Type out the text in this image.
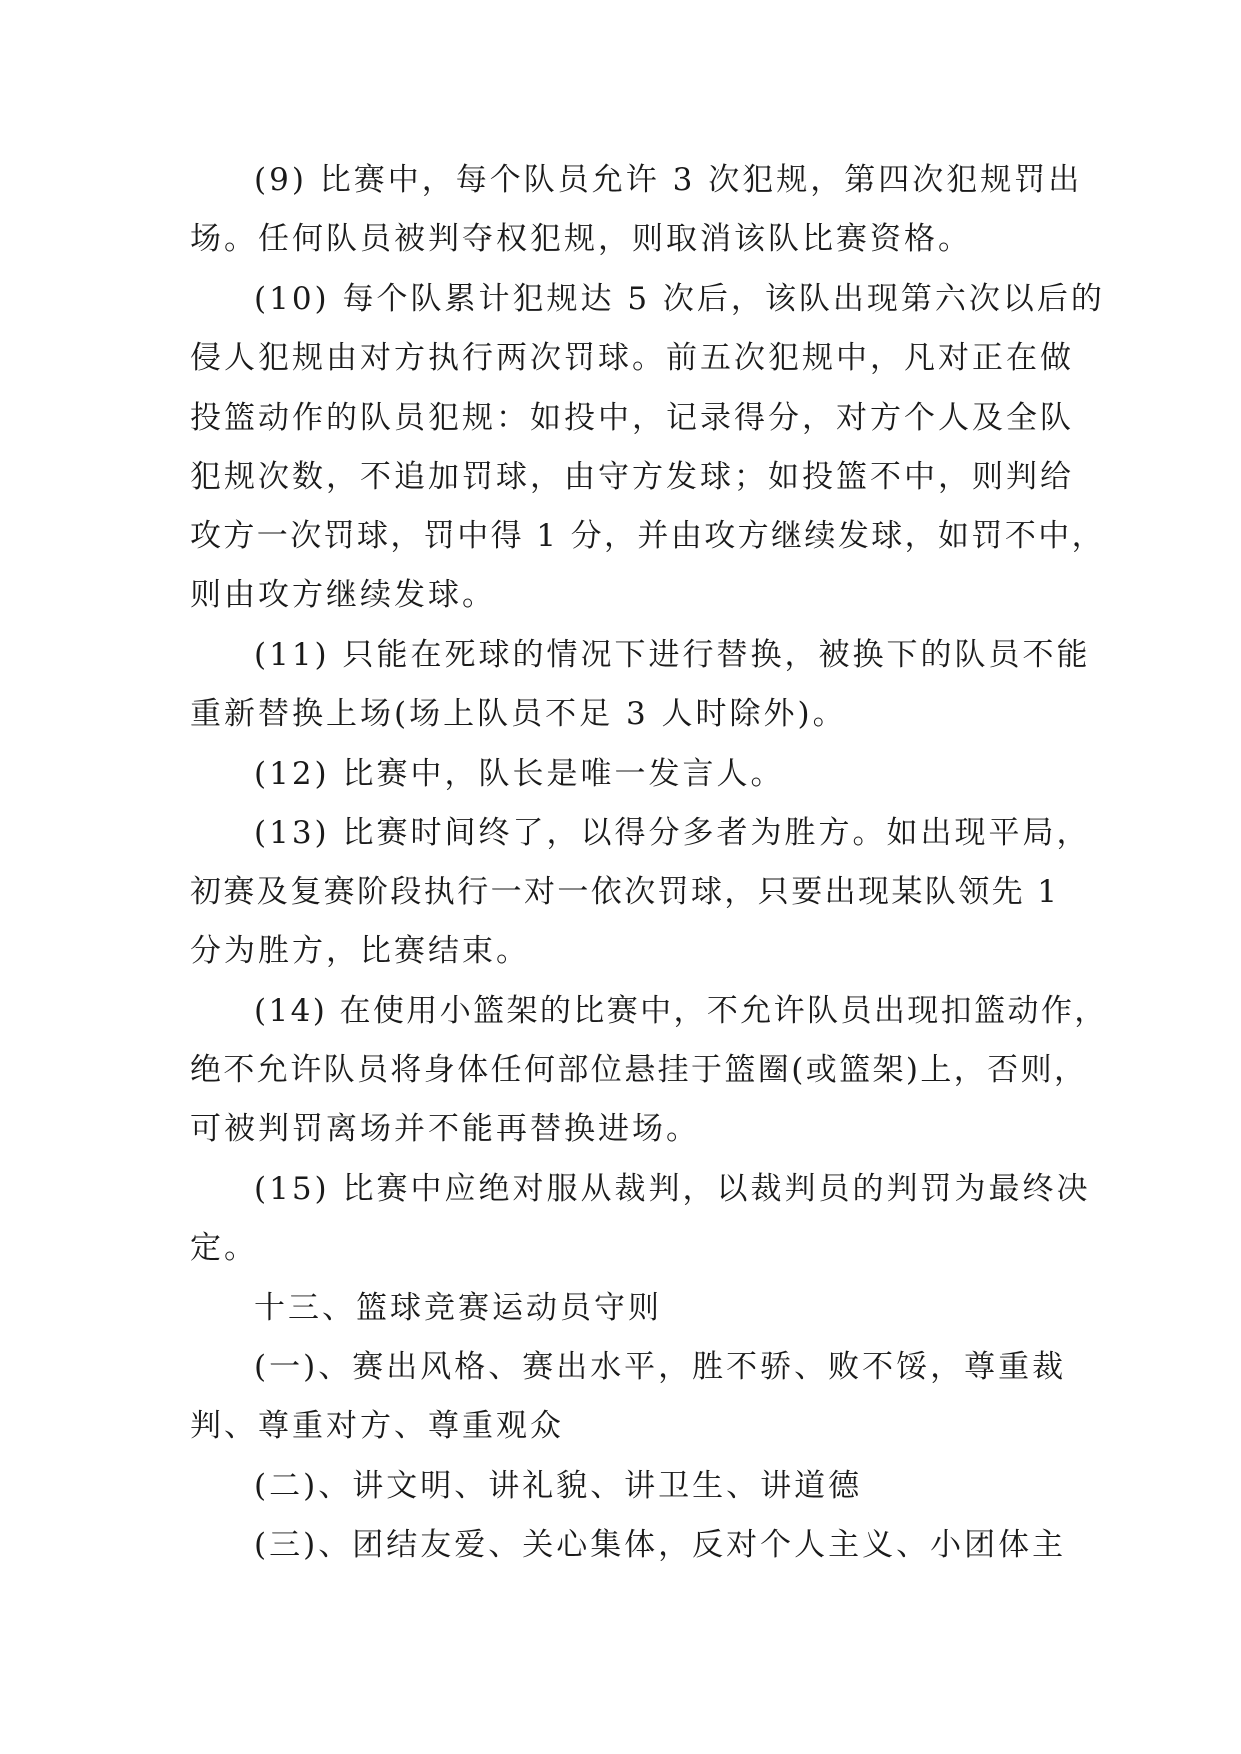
(9) 比赛中，每个队员允许 3 次犯规，第四次犯规罚出
场。任何队员被判夺权犯规，则取消该队比赛资格。
(10) 每个队累计犯规达 5 次后，该队出现第六次以后的
侵人犯规由对方执行两次罚球。前五次犯规中，凡对正在做
投篮动作的队员犯规：如投中，记录得分，对方个人及全队
犯规次数，不追加罚球，由守方发球；如投篮不中，则判给
攻方一次罚球，罚中得 1 分，并由攻方继续发球，如罚不中，
则由攻方继续发球。
(11) 只能在死球的情况下进行替换，被换下的队员不能
重新替换上场(场上队员不足 3 人时除外)。
(12) 比赛中，队长是唯一发言人。
(13) 比赛时间终了，以得分多者为胜方。如出现平局，
初赛及复赛阶段执行一对一依次罚球，只要出现某队领先 1
分为胜方，比赛结束。
(14) 在使用小篮架的比赛中，不允许队员出现扣篮动作，
绝不允许队员将身体任何部位悬挂于篮圈(或篮架)上，否则，
可被判罚离场并不能再替换进场。
(15) 比赛中应绝对服从裁判，以裁判员的判罚为最终决
定。
十三、篮球竞赛运动员守则
(一)、赛出风格、赛出水平，胜不骄、败不馁，尊重裁
判、尊重对方、尊重观众
(二)、讲文明、讲礼貌、讲卫生、讲道德
(三)、团结友爱、关心集体，反对个人主义、小团体主
